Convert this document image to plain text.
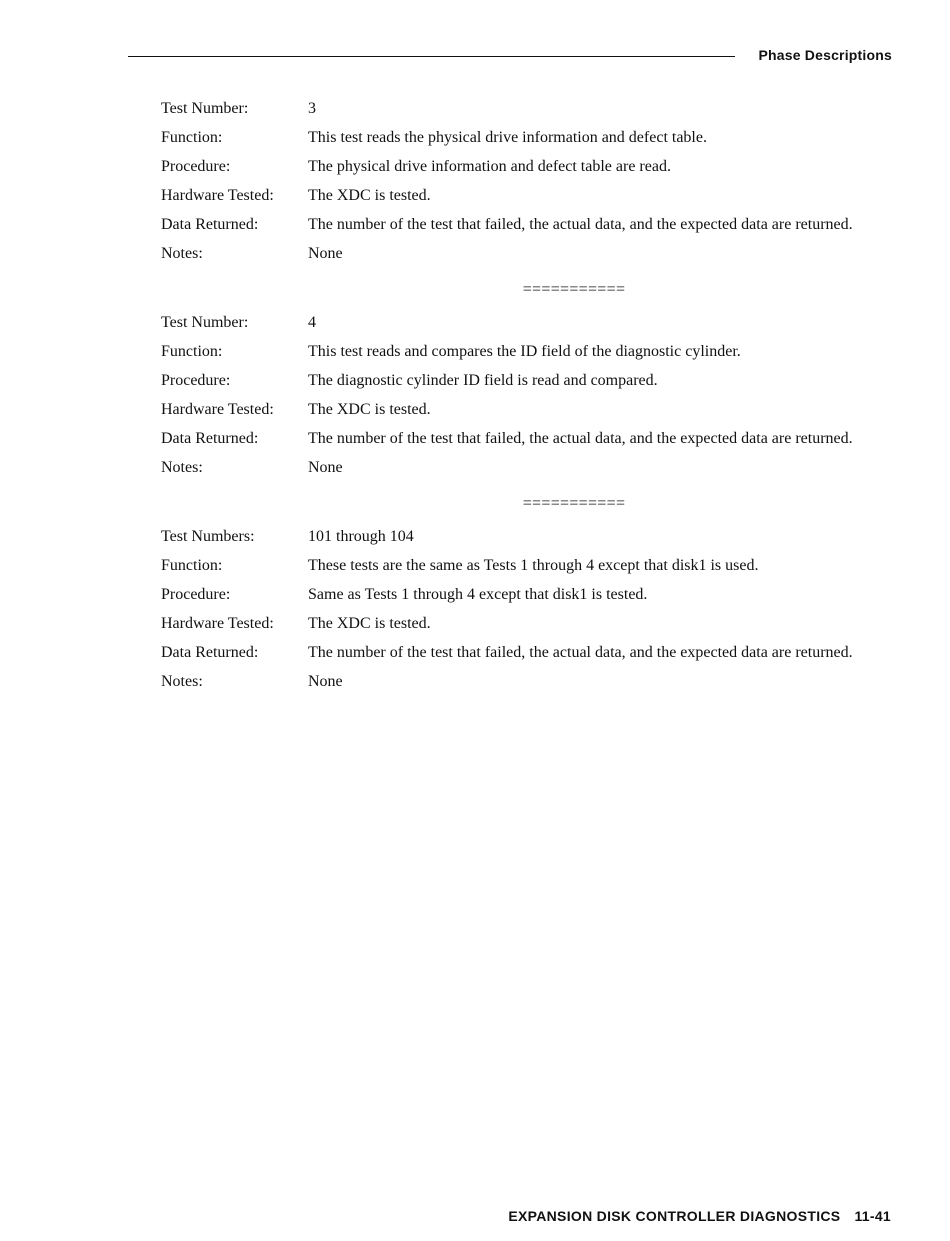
Phase Descriptions
Test Number:	3
Function:	This test reads the physical drive information and defect table.
Procedure:	The physical drive information and defect table are read.
Hardware Tested:	The XDC is tested.
Data Returned:	The number of the test that failed, the actual data, and the expected data are returned.
Notes:	None
===========
Test Number:	4
Function:	This test reads and compares the ID field of the diagnostic cylinder.
Procedure:	The diagnostic cylinder ID field is read and compared.
Hardware Tested:	The XDC is tested.
Data Returned:	The number of the test that failed, the actual data, and the expected data are returned.
Notes:	None
===========
Test Numbers:	101 through 104
Function:	These tests are the same as Tests 1 through 4 except that disk1 is used.
Procedure:	Same as Tests 1 through 4 except that disk1 is tested.
Hardware Tested:	The XDC is tested.
Data Returned:	The number of the test that failed, the actual data, and the expected data are returned.
Notes:	None
EXPANSION DISK CONTROLLER DIAGNOSTICS 11-41
